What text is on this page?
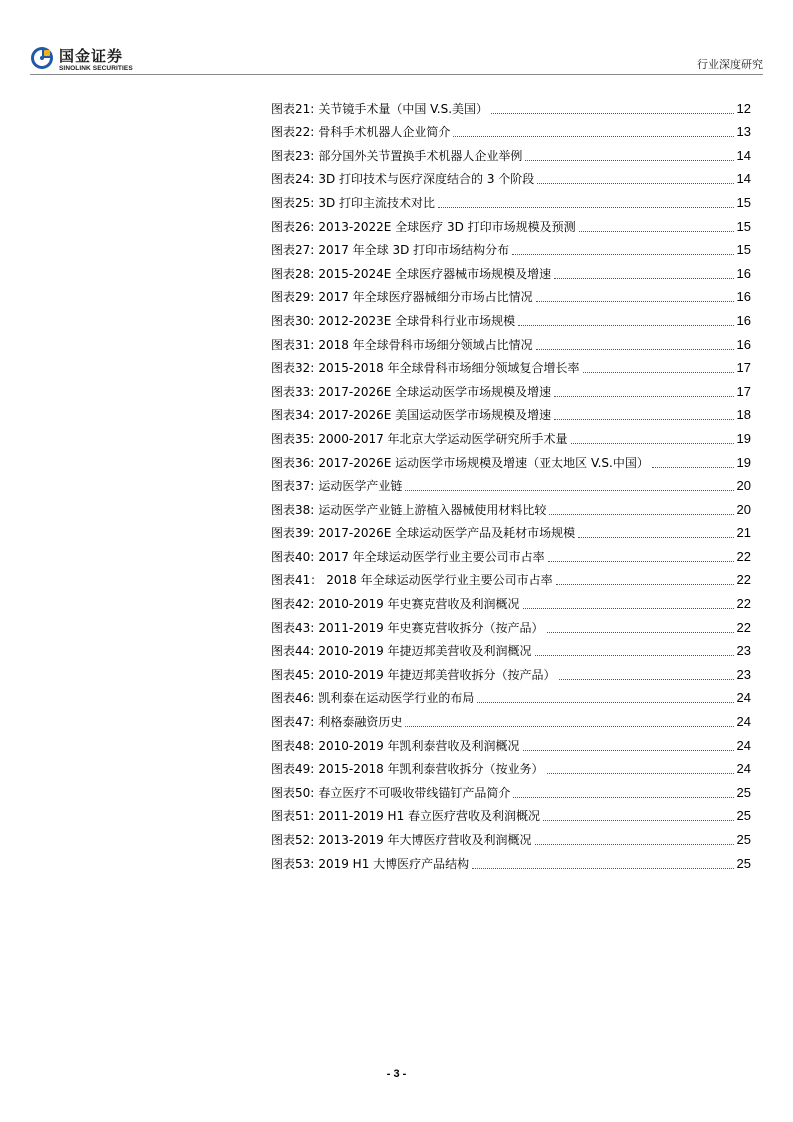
国金证券
SINOLINK SECURITIES	行业深度研究
图表21: 关节镜手术量（中国 V.S.美国）	12
图表22: 骨科手术机器人企业简介	13
图表23: 部分国外关节置换手术机器人企业举例	14
图表24: 3D 打印技术与医疗深度结合的 3 个阶段	14
图表25: 3D 打印主流技术对比	15
图表26: 2013-2022E 全球医疗 3D 打印市场规模及预测	15
图表27: 2017 年全球 3D 打印市场结构分布	15
图表28: 2015-2024E 全球医疗器械市场规模及增速	16
图表29: 2017 年全球医疗器械细分市场占比情况	16
图表30: 2012-2023E 全球骨科行业市场规模	16
图表31: 2018 年全球骨科市场细分领域占比情况	16
图表32: 2015-2018 年全球骨科市场细分领域复合增长率	17
图表33: 2017-2026E 全球运动医学市场规模及增速	17
图表34: 2017-2026E 美国运动医学市场规模及增速	18
图表35: 2000-2017 年北京大学运动医学研究所手术量	19
图表36: 2017-2026E 运动医学市场规模及增速（亚太地区 V.S.中国）	19
图表37: 运动医学产业链	20
图表38: 运动医学产业链上游植入器械使用材料比较	20
图表39: 2017-2026E 全球运动医学产品及耗材市场规模	21
图表40: 2017 年全球运动医学行业主要公司市占率	22
图表41： 2018 年全球运动医学行业主要公司市占率	22
图表42: 2010-2019 年史赛克营收及利润概况	22
图表43: 2011-2019 年史赛克营收拆分（按产品）	22
图表44: 2010-2019 年捷迈邦美营收及利润概况	23
图表45: 2010-2019 年捷迈邦美营收拆分（按产品）	23
图表46: 凯利泰在运动医学行业的布局	24
图表47: 利格泰融资历史	24
图表48: 2010-2019 年凯利泰营收及利润概况	24
图表49: 2015-2018 年凯利泰营收拆分（按业务）	24
图表50: 春立医疗不可吸收带线锚钉产品简介	25
图表51: 2011-2019 H1 春立医疗营收及利润概况	25
图表52: 2013-2019 年大博医疗营收及利润概况	25
图表53: 2019 H1 大博医疗产品结构	25
- 3 -
